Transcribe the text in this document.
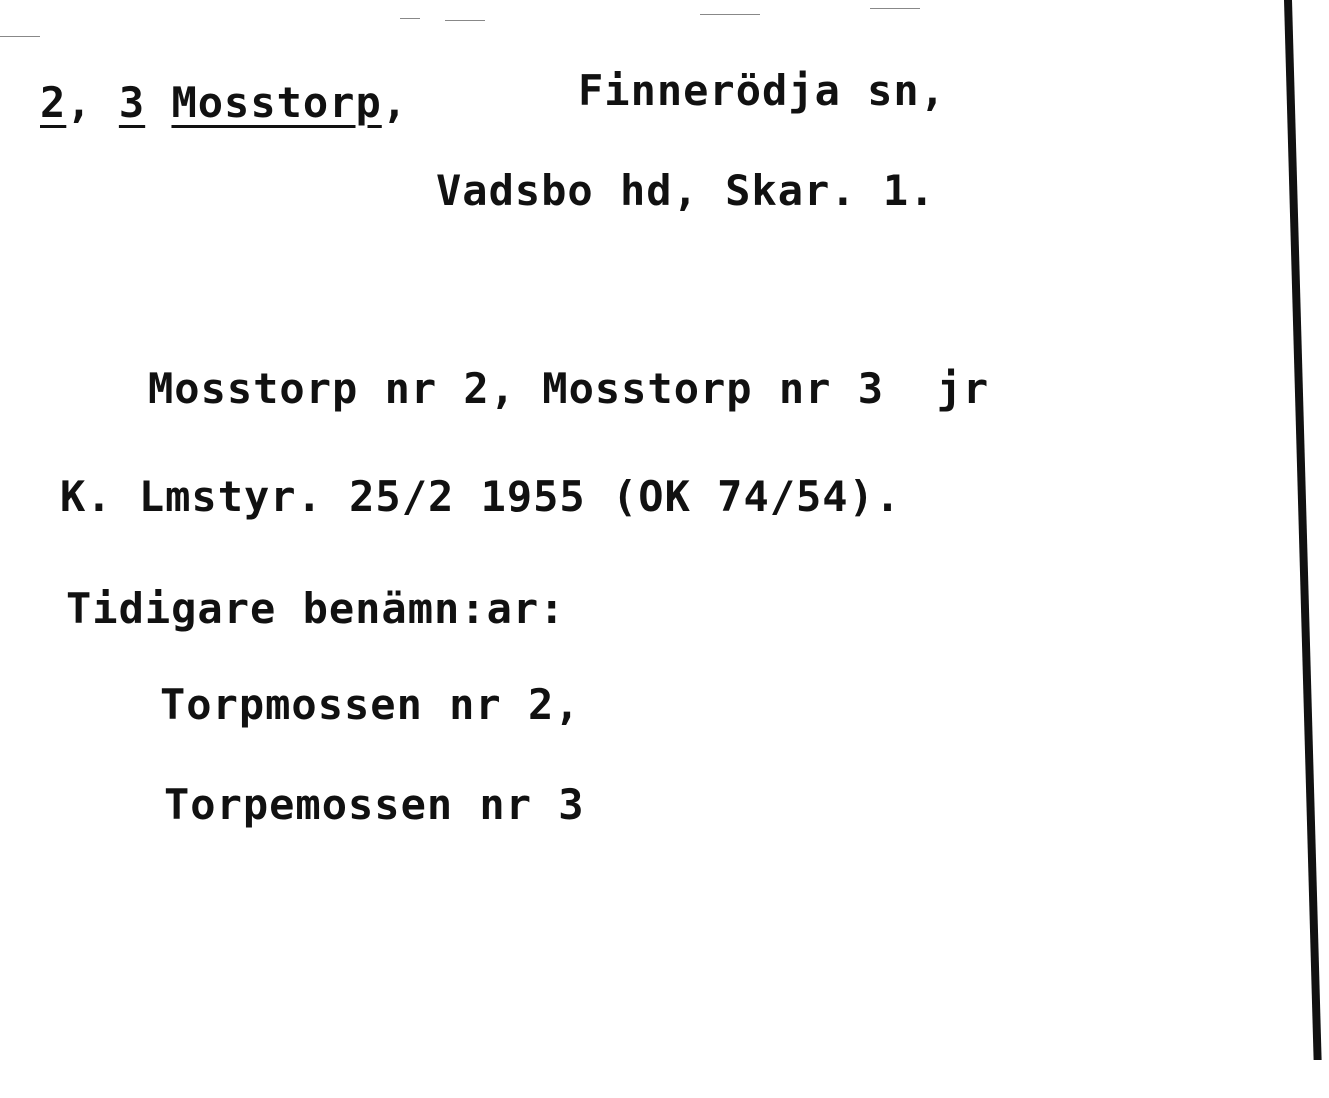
2, 3 Mosstorp,	Finnerödja sn,
Vadsbo hd, Skar. 1.
Mosstorp nr 2, Mosstorp nr 3  jr
K. Lmstyr. 25/2 1955 (OK 74/54).
Tidigare benämn:ar:
Torpmossen nr 2,
Torpemossen nr 3
